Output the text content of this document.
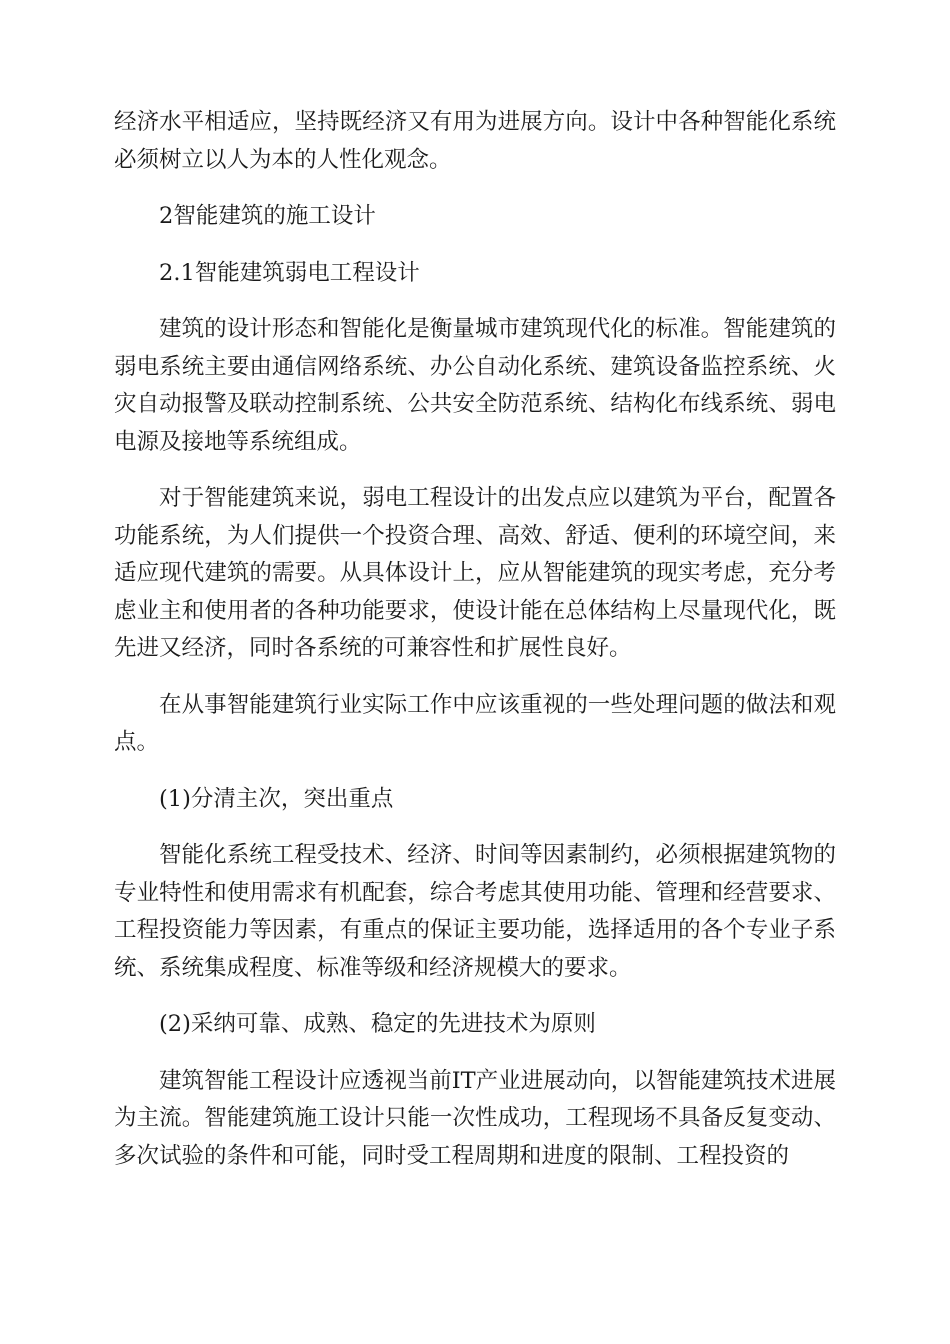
经济水平相适应，坚持既经济又有用为进展方向。设计中各种智能化系统必须树立以人为本的人性化观念。

2智能建筑的施工设计

2.1智能建筑弱电工程设计

建筑的设计形态和智能化是衡量城市建筑现代化的标准。智能建筑的弱电系统主要由通信网络系统、办公自动化系统、建筑设备监控系统、火灾自动报警及联动控制系统、公共安全防范系统、结构化布线系统、弱电电源及接地等系统组成。

对于智能建筑来说，弱电工程设计的出发点应以建筑为平台，配置各功能系统，为人们提供一个投资合理、高效、舒适、便利的环境空间，来适应现代建筑的需要。从具体设计上，应从智能建筑的现实考虑，充分考虑业主和使用者的各种功能要求，使设计能在总体结构上尽量现代化，既先进又经济，同时各系统的可兼容性和扩展性良好。

在从事智能建筑行业实际工作中应该重视的一些处理问题的做法和观点。

(1)分清主次，突出重点

智能化系统工程受技术、经济、时间等因素制约，必须根据建筑物的专业特性和使用需求有机配套，综合考虑其使用功能、管理和经营要求、工程投资能力等因素，有重点的保证主要功能，选择适用的各个专业子系统、系统集成程度、标准等级和经济规模大的要求。

(2)采纳可靠、成熟、稳定的先进技术为原则

建筑智能工程设计应透视当前IT产业进展动向，以智能建筑技术进展为主流。智能建筑施工设计只能一次性成功，工程现场不具备反复变动、多次试验的条件和可能，同时受工程周期和进度的限制、工程投资的
